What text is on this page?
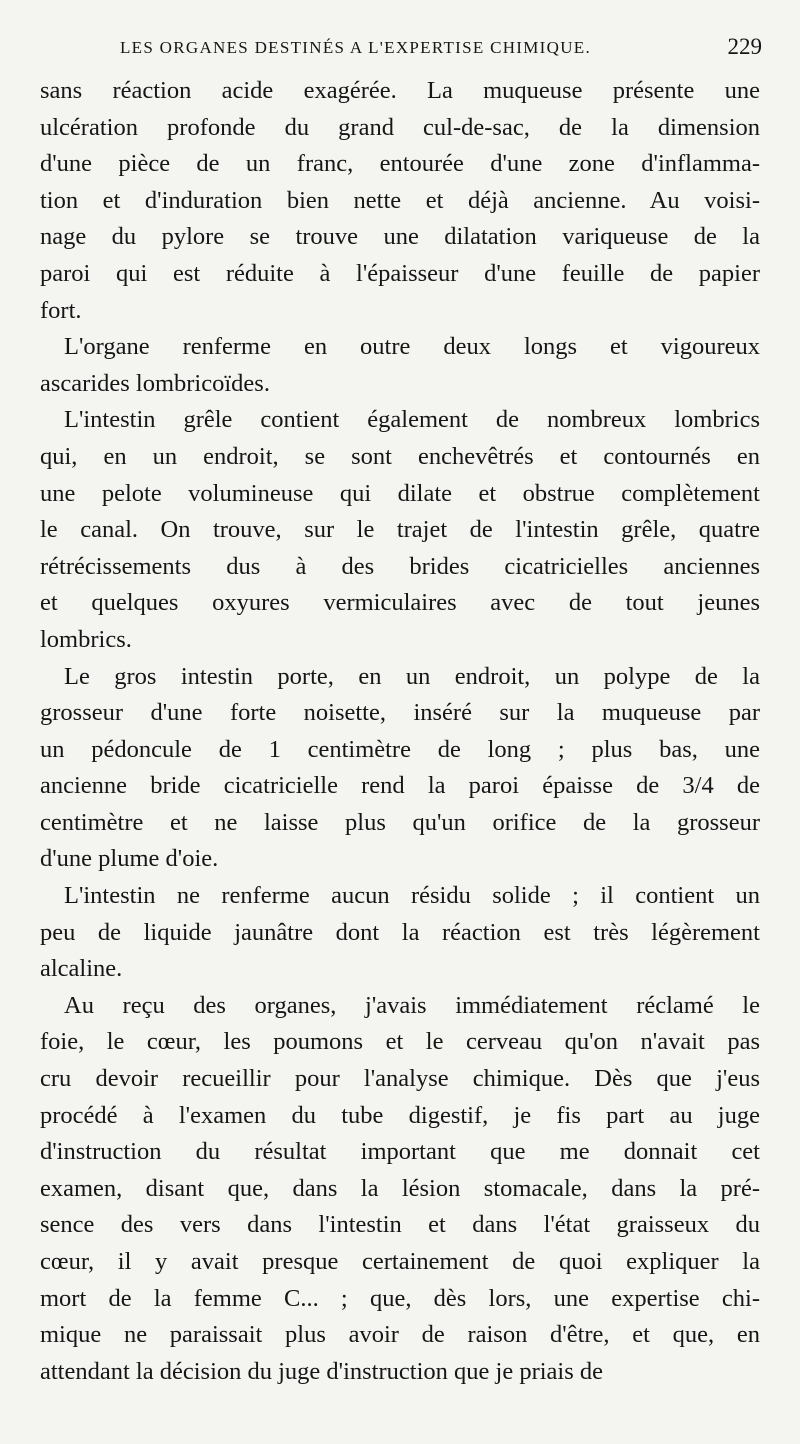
LES ORGANES DESTINÉS A L'EXPERTISE CHIMIQUE.	229
sans réaction acide exagérée. La muqueuse présente une
ulcération profonde du grand cul-de-sac, de la dimension
d'une pièce de un franc, entourée d'une zone d'inflamma-
tion et d'induration bien nette et déjà ancienne. Au voisi-
nage du pylore se trouve une dilatation variqueuse de la
paroi qui est réduite à l'épaisseur d'une feuille de papier
fort.
L'organe renferme en outre deux longs et vigoureux
ascarides lombricoïdes.
L'intestin grêle contient également de nombreux lombrics
qui, en un endroit, se sont enchevêtrés et contournés en
une pelote volumineuse qui dilate et obstrue complètement
le canal. On trouve, sur le trajet de l'intestin grêle, quatre
rétrécissements dus à des brides cicatricielles anciennes
et quelques oxyures vermiculaires avec de tout jeunes
lombrics.
Le gros intestin porte, en un endroit, un polype de la
grosseur d'une forte noisette, inséré sur la muqueuse par
un pédoncule de 1 centimètre de long ; plus bas, une
ancienne bride cicatricielle rend la paroi épaisse de 3/4 de
centimètre et ne laisse plus qu'un orifice de la grosseur
d'une plume d'oie.
L'intestin ne renferme aucun résidu solide ; il contient un
peu de liquide jaunâtre dont la réaction est très légèrement
alcaline.
Au reçu des organes, j'avais immédiatement réclamé le
foie, le cœur, les poumons et le cerveau qu'on n'avait pas
cru devoir recueillir pour l'analyse chimique. Dès que j'eus
procédé à l'examen du tube digestif, je fis part au juge
d'instruction du résultat important que me donnait cet
examen, disant que, dans la lésion stomacale, dans la pré-
sence des vers dans l'intestin et dans l'état graisseux du
cœur, il y avait presque certainement de quoi expliquer la
mort de la femme C... ; que, dès lors, une expertise chi-
mique ne paraissait plus avoir de raison d'être, et que, en
attendant la décision du juge d'instruction que je priais de
